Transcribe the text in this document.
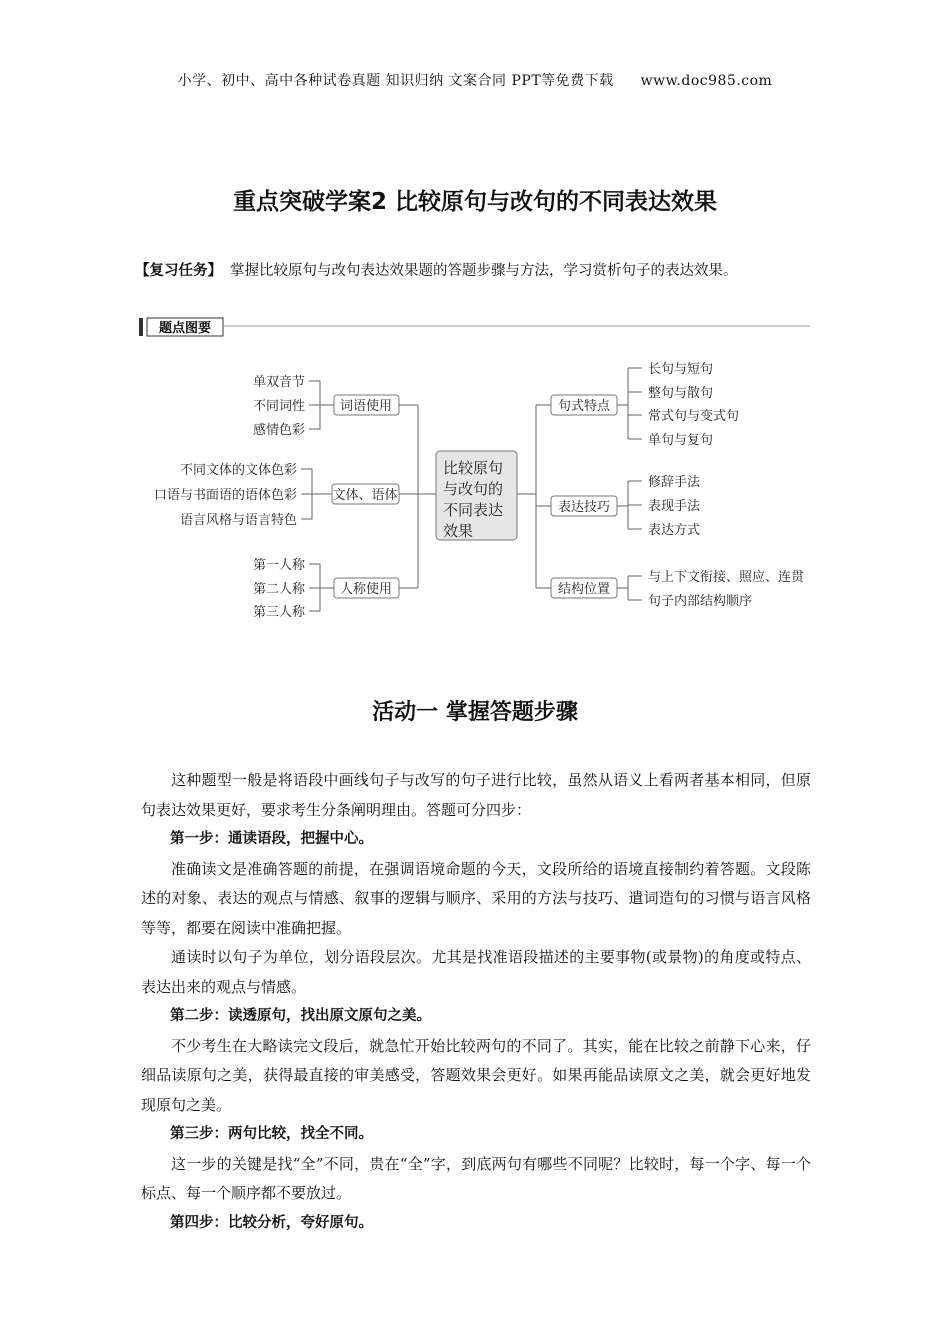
小学、初中、高中各种试卷真题 知识归纳 文案合同 PPT等免费下载 www.doc985.com
重点突破学案2 比较原句与改句的不同表达效果
【复习任务】 掌握比较原句与改句表达效果题的答题步骤与方法，学习赏析句子的表达效果。
题点图要
词语使用
单双音节
不同词性
感情色彩
文体、语体
不同文体的文体色彩
口语与书面语的语体色彩
语言风格与语言特色
人称使用
第一人称
第二人称
第三人称
句式特点
长句与短句
整句与散句
常式句与变式句
单句与复句
表达技巧
修辞手法
表现手法
表达方式
结构位置
与上下文衔接、照应、连贯
句子内部结构顺序
比较原句
与改句的
不同表达
效果
活动一 掌握答题步骤

这种题型一般是将语段中画线句子与改写的句子进行比较，虽然从语义上看两者基本相同，但原句表达效果更好，要求考生分条阐明理由。答题可分四步：

第一步：通读语段，把握中心。

准确读文是准确答题的前提，在强调语境命题的今天，文段所给的语境直接制约着答题。文段陈述的对象、表达的观点与情感、叙事的逻辑与顺序、采用的方法与技巧、遣词造句的习惯与语言风格等等，都要在阅读中准确把握。

通读时以句子为单位，划分语段层次。尤其是找准语段描述的主要事物(或景物)的角度或特点、表达出来的观点与情感。

第二步：读透原句，找出原文原句之美。

不少考生在大略读完文段后，就急忙开始比较两句的不同了。其实，能在比较之前静下心来，仔细品读原句之美，获得最直接的审美感受，答题效果会更好。如果再能品读原文之美，就会更好地发现原句之美。

第三步：两句比较，找全不同。

这一步的关键是找“全”不同，贵在“全”字，到底两句有哪些不同呢？比较时，每一个字、每一个标点、每一个顺序都不要放过。

第四步：比较分析，夸好原句。
